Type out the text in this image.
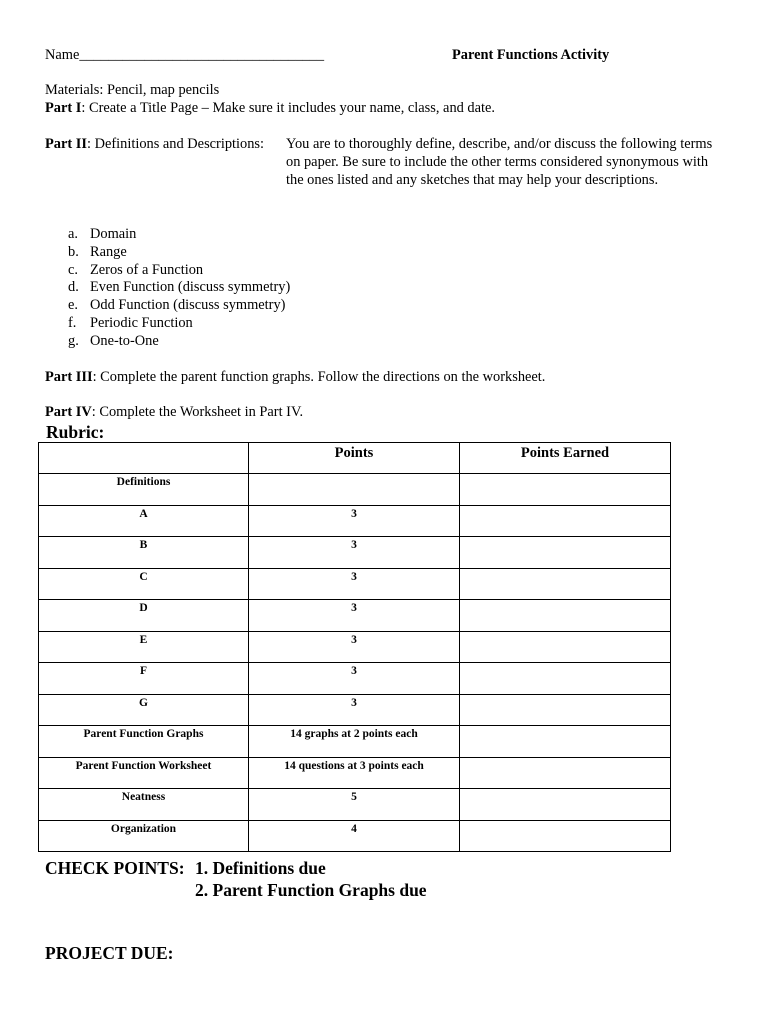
Name__________________________________	Parent Functions Activity
Materials: Pencil, map pencils
Part I: Create a Title Page – Make sure it includes your name, class, and date.
Part II: Definitions and Descriptions: You are to thoroughly define, describe, and/or discuss the following terms on paper. Be sure to include the other terms considered synonymous with the ones listed and any sketches that may help your descriptions.
a. Domain
b. Range
c. Zeros of a Function
d. Even Function (discuss symmetry)
e. Odd Function (discuss symmetry)
f. Periodic Function
g. One-to-One
Part III: Complete the parent function graphs. Follow the directions on the worksheet.
Part IV: Complete the Worksheet in Part IV.
Rubric:
	Points	Points Earned
Definitions		
A	3	
B	3	
C	3	
D	3	
E	3	
F	3	
G	3	
Parent Function Graphs	14 graphs at 2 points each	
Parent Function Worksheet	14 questions at 3 points each	
Neatness	5	
Organization	4	
CHECK POINTS: 1. Definitions due
2. Parent Function Graphs due
PROJECT DUE:
